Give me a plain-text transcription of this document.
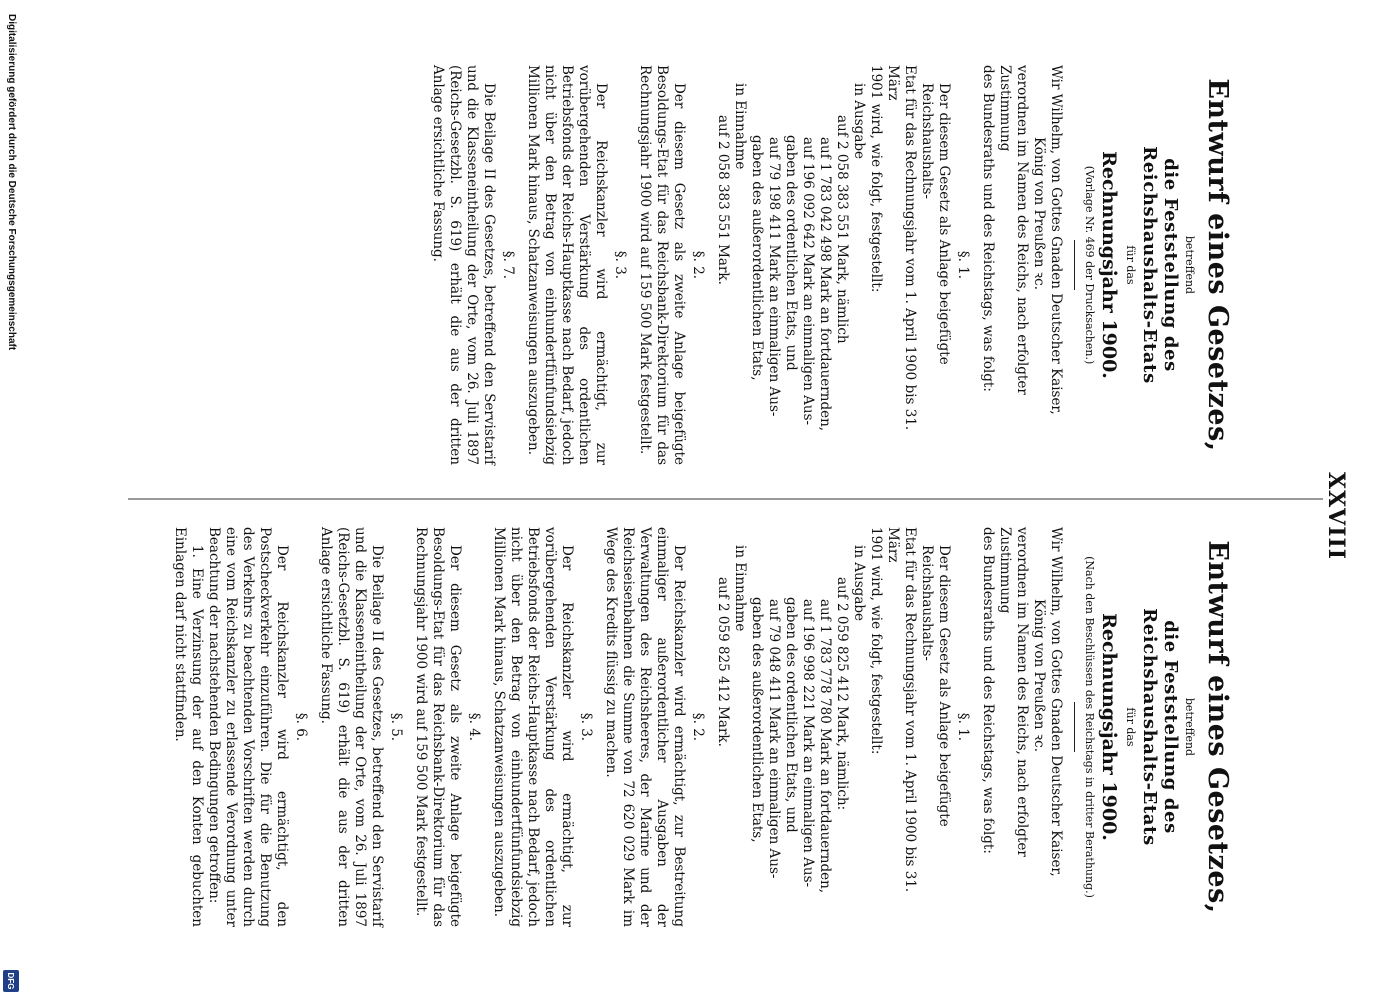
XXVIII
Entwurf eines Gesetzes,
betreffend
die Feststellung des Reichshaushalts-Etats
für das
Rechnungsjahr 1900.
(Vorlage Nr. 469 der Drucksachen.)

Wir Wilhelm, von Gottes Gnaden Deutscher Kaiser,

König von Preußen ꝛc.

verordnen im Namen des Reichs, nach erfolgter Zustimmung

des Bundesraths und des Reichstags, was folgt:

§. 1.

Der diesem Gesetz als Anlage beigefügte Reichshaushalts-

Etat für das Rechnungsjahr vom 1. April 1900 bis 31. März

1901 wird, wie folgt, festgestellt:

in Ausgabe

auf 2 058 383 551 Mark, nämlich

auf 1 783 042 498 Mark an fortdauernden,

auf 196 092 642 Mark an einmaligen Aus-

gaben des ordentlichen Etats, und

auf 79 198 411 Mark an einmaligen Aus-

gaben des außerordentlichen Etats,

in Einnahme

auf 2 058 383 551 Mark.

§. 2.

Der diesem Gesetz als zweite Anlage beigefügte Besoldungs-Etat für das Reichsbank-Direktorium für das Rechnungsjahr 1900 wird auf 159 500 Mark festgestellt.

§. 3.

Der Reichskanzler wird ermächtigt, zur vorübergehenden Verstärkung des ordentlichen Betriebsfonds der Reichs-Hauptkasse nach Bedarf, jedoch nicht über den Betrag von einhundertfünfundsiebzig Millionen Mark hinaus, Schatzanweisungen auszugeben.

§. 7.

Die Beilage II des Gesetzes, betreffend den Servistarif und die Klasseneintheilung der Orte, vom 26. Juli 1897 (Reichs-Gesetzbl. S. 619) erhält die aus der dritten Anlage ersichtliche Fassung.

Entwurf eines Gesetzes,
betreffend
die Feststellung des Reichshaushalts-Etats
für das
Rechnungsjahr 1900.
(Nach den Beschlüssen des Reichstags in dritter Berathung.)

Wir Wilhelm, von Gottes Gnaden Deutscher Kaiser,

König von Preußen ꝛc.

verordnen im Namen des Reichs, nach erfolgter Zustimmung

des Bundesraths und des Reichstags, was folgt:

§. 1.

Der diesem Gesetz als Anlage beigefügte Reichshaushalts-

Etat für das Rechnungsjahr vom 1. April 1900 bis 31. März

1901 wird, wie folgt, festgestellt:

in Ausgabe

auf 2 059 825 412 Mark, nämlich:

auf 1 783 778 780 Mark an fortdauernden,

auf 196 998 221 Mark an einmaligen Aus-

gaben des ordentlichen Etats, und

auf 79 048 411 Mark an einmaligen Aus-

gaben des außerordentlichen Etats,

in Einnahme

auf 2 059 825 412 Mark.

§. 2.

Der Reichskanzler wird ermächtigt, zur Bestreitung einmaliger außerordentlicher Ausgaben der Verwaltungen des Reichsheeres, der Marine und der Reichseisenbahnen die Summe von 72 620 029 Mark im Wege des Kredits flüssig zu machen.

§. 3.

Der Reichskanzler wird ermächtigt, zur vorübergehenden Verstärkung des ordentlichen Betriebsfonds der Reichs-Hauptkasse nach Bedarf, jedoch nicht über den Betrag von einhundertfünfundsiebzig Millionen Mark hinaus, Schatzanweisungen auszugeben.

§. 4.

Der diesem Gesetz als zweite Anlage beigefügte Besoldungs-Etat für das Reichsbank-Direktorium für das Rechnungsjahr 1900 wird auf 159 500 Mark festgestellt.

§. 5.

Die Beilage II des Gesetzes, betreffend den Servistarif und die Klasseneintheilung der Orte, vom 26. Juli 1897 (Reichs-Gesetzbl. S. 619) erhält die aus der dritten Anlage ersichtliche Fassung.

§. 6.

Der Reichskanzler wird ermächtigt, den Postscheckverkehr einzuführen. Die für die Benutzung des Verkehrs zu beachtenden Vorschriften werden durch eine vom Reichskanzler zu erlassende Verordnung unter Beachtung der nachstehenden Bedingungen getroffen:

1. Eine Verzinsung der auf den Konten gebuchten Einlagen darf nicht stattfinden.

Digitalisierung gefördert durch die Deutsche Forschungsgemeinschaft
DFG
